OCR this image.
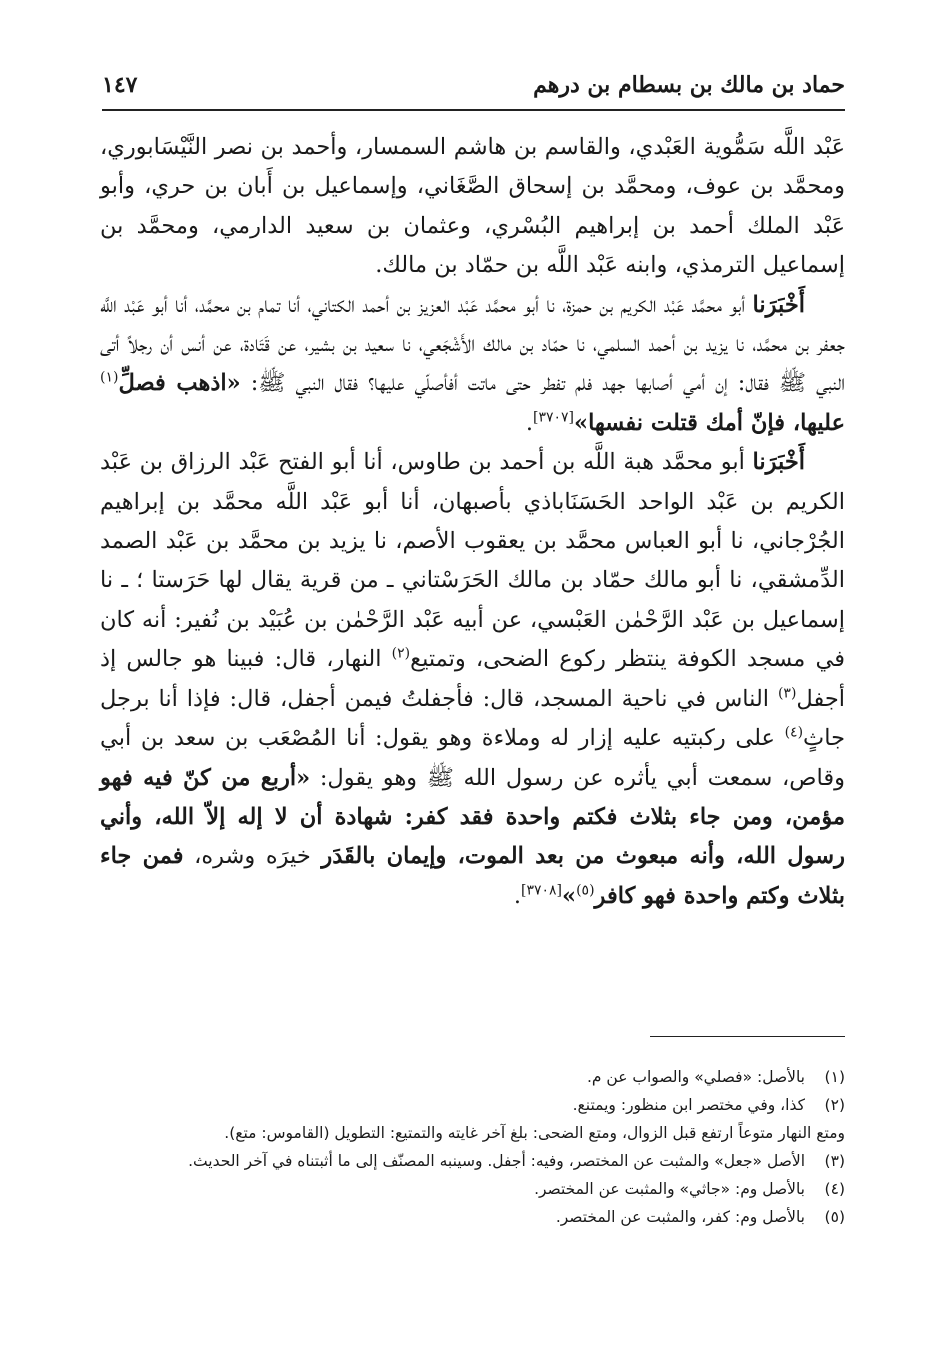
حماد بن مالك بن بسطام بن درهم
١٤٧

عَبْد اللَّه سَمُّوية العَبْدي، والقاسم بن هاشم السمسار، وأحمد بن نصر النَّيْسَابوري، ومحمَّد بن عوف، ومحمَّد بن إسحاق الصَّغَاني، وإسماعيل بن أَبان بن حري، وأبو عَبْد الملك أحمد بن إبراهيم البُسْري، وعثمان بن سعيد الدارمي، ومحمَّد بن إسماعيل الترمذي، وابنه عَبْد اللَّه بن حمّاد بن مالك.

أَخْبَرَنا أبو محمَّد عَبْد الكريم بن حمزة، نا أبو محمَّد عَبْد العزيز بن أحمد الكتاني، أنا تمام بن محمَّد، أنا أبو عَبْد اللَّه جعفر بن محمَّد، نا يزيد بن أحمد السلمي، نا حمّاد بن مالك الأَشْجَعي، نا سعيد بن بشير، عن قَتَادة، عن أنس أن رجلاً أتى النبي ﷺ فقال: إن أمي أصابها جهد فلم تفطر حتى ماتت أفأصلّي عليها؟ فقال النبي ﷺ: «اذهب فصلِّ$^{(١)}$ عليها، فإنّ أمك قتلت نفسها»[٣٧٠٧].

أَخْبَرَنا أبو محمَّد هبة اللَّه بن أحمد بن طاوس، أنا أبو الفتح عَبْد الرزاق بن عَبْد الكريم بن عَبْد الواحد الحَسَنَاباذي بأصبهان، أنا أبو عَبْد اللَّه محمَّد بن إبراهيم الجُرْجاني، نا أبو العباس محمَّد بن يعقوب الأصم، نا يزيد بن محمَّد بن عَبْد الصمد الدِّمشقي، نا أبو مالك حمّاد بن مالك الحَرَسْتاني ـ من قرية يقال لها حَرَستا ؛ ـ نا إسماعيل بن عَبْد الرَّحْمٰن العَبْسي، عن أبيه عَبْد الرَّحْمٰن بن عُبَيْد بن نُفير: أنه كان في مسجد الكوفة ينتظر ركوع الضحى، وتمتيع$^{(٢)}$ النهار، قال: فبينا هو جالس إذ أجفل$^{(٣)}$ الناس في ناحية المسجد، قال: فأجفلتُ فيمن أجفل، قال: فإذا أنا برجل جاثٍ$^{(٤)}$ على ركبتيه عليه إزار له وملاءة وهو يقول: أنا المُصْعَب بن سعد بن أبي وقاص، سمعت أبي يأثره عن رسول الله ﷺ وهو يقول: «أربع من كنّ فيه فهو مؤمن، ومن جاء بثلاث فكتم واحدة فقد كفر: شهادة أن لا إله إلاّ الله، وأني رسول الله، وأنه مبعوث من بعد الموت، وإيمان بالقَدَر خيرَه وشره، فمن جاء بثلاث وكتم واحدة فهو كافر$^{(٥)}$»[٣٧٠٨].

(١)
بالأصل: «فصلي» والصواب عن م.
(٢)
كذا، وفي مختصر ابن منظور: ويمتنع.
ومتع النهار متوعاً ارتفع قبل الزوال، ومتع الضحى: بلغ آخر غايته والتمتيع: التطويل (القاموس: متع).
(٣)
الأصل «جعل» والمثبت عن المختصر، وفيه: أجفل. وسينبه المصنّف إلى ما أثبتناه في آخر الحديث.
(٤)
بالأصل وم: «جاثي» والمثبت عن المختصر.
(٥)
بالأصل وم: كفر، والمثبت عن المختصر.
